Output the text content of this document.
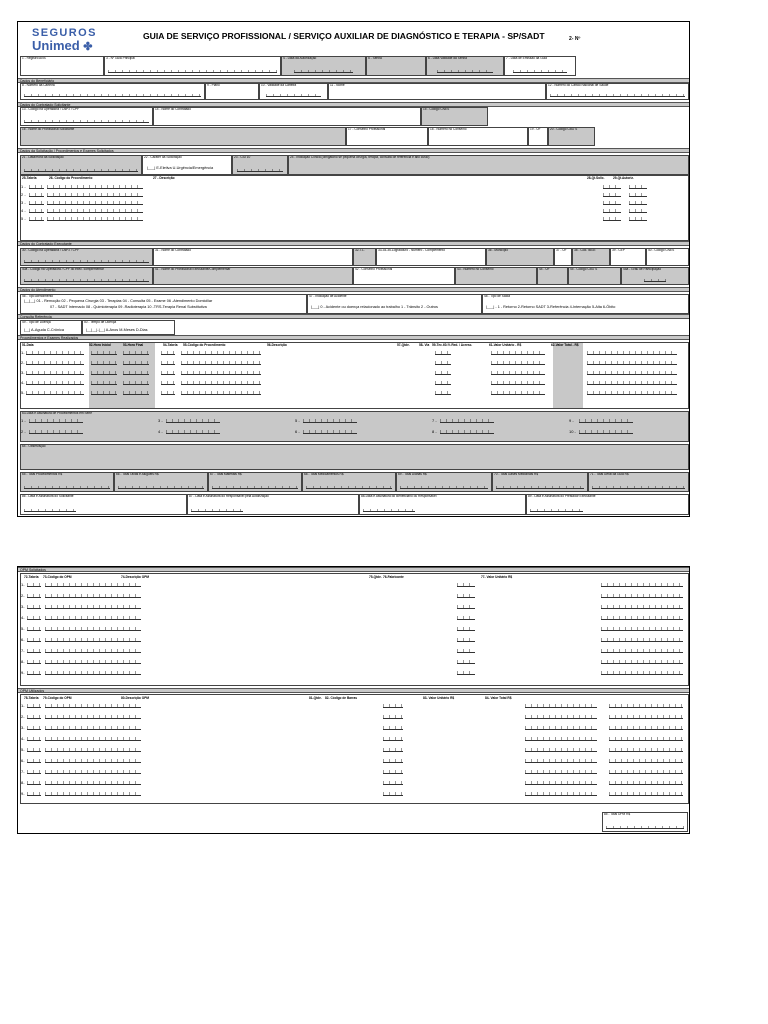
SEGUROS
Unimed ✤
GUIA DE SERVIÇO PROFISSIONAL / SERVIÇO AUXILIAR DE DIAGNÓSTICO E TERAPIA - SP/SADT	2- Nº
1 - Registro ANS	3 - Nº Guia Principal	4 - Data da Autorização	5 - Senha	6 - Data Validade da Senha	7 - Data de Emissão da Guia
Dados do Beneficiário
8 - Número da Carteira	9 - Plano	10 - Validade da Carteira	11 - Nome	12 - Número do Cartão Nacional de Saúde
Dados do Contratado Solicitante
13 - Código na Operadora / CNPJ / CPF	14 - Nome do Contratado	15 - Código CNES
16 - Nome do Profissional Solicitante	17 - Conselho Profissional	18 - Número no Conselho	19 - UF	20 - Código CBO S
Dados da Solicitação / Procedimentos e Exames Solicitados
21 - Data/Hora da Solicitação	22 - Caráter da Solicitação
|___| E-Eletiva U-Urgência/Emergência
23 - CID 10	24 - Indicação Clínica (obrigatório se pequena cirurgia, terapia, consulta de referência e alto custo)
25-Tabela	26- Código do Procedimento	27 - Descrição	28-Qt.Solic.	29-Qt.Autoriz.
1 -
2 -
3 -
4 -
5 -
Dados do Contratado Executante
30 - Código na Operadora / CNPJ / CPF	31 - Nome do Contratado	32-T.L.	33-34-35-Logradouro - Número - Complemento	36 - Município	37 - UF 38 - Cód. IBGE	39 - CEP	40 - Código CNES
40a - Código na Operadora / CPF do exec. complementar	41 - Nome do Profissional Executante/Complementar	42 - Conselho Profissional	43 - Número no Conselho	44 - UF	45 - Código CBO S	45a - Grau de Participação
Dados do Atendimento
46 - Tipo Atendimento
|__|__| 01 - Remoção 02 - Pequena Cirurgia 03 - Terapias 04 - Consulta 05 - Exame 06 -Atendimento Domiciliar
07 - SADT Internado 08 - Quimioterapia 09 -Radioterapia 10 -TRS-Terapia Renal Substitutiva
47 - Indicação de Acidente
|___| 0 - Acidente ou doença relacionado ao trabalho 1 - Trânsito 2 - Outros
48 - Tipo de Saída
|___| - 1 - Retorno 2-Retorno SADT 3-Referência 4-Internação 5-Alta 6-Óbito
Consulta Referência
49 - Tipo de Doença
|__| A-Aguda C-Crônica
50 - Tempo de Doença
|__|__|-|__| A-Anos M-Meses D-Dias
Procedimentos e Exames Realizados
51-Data	52-Hora Inicial	53-Hora Final	54-Tabela 55-Código do Procedimento	56-Descrição	57-Qtde.	58- Via 59-Tec. 60-% Red. / Acresc.	61-Valor Unitário - R$	62-Valor Total - R$
1-
2-
3-
4-
5-
63-Data e Assinatura de Procedimentos em Série
1 -	3 -	5 -	7 -	9 -
2 -	4 -	6 -	8 -	10 -
64 - Observação
65 - Total Procedimentos R$	66 - Total Taxas e Aluguéis R$	67 - Total Materiais R$	68 - Total Medicamentos R$	69 - Total Diárias R$	70 - Total Gases Medicinais R$	71 - Total Geral da Guia R$
86 - Data e Assinatura do Solicitante	87 - Data e Assinatura do Responsável pela Autorização	88-Data e Assinatura do Beneficiário ou Responsável	89 - Data e Assinatura do Prestador Executante
OPM Solicitados
72-Tabela 73-Código do OPM	74-Descrição OPM	75-Qtde. 76-Fabricante	77- Valor Unitário R$
1-
2-
3-
4-
5-
6-
7-
8-
9-
OPM Utilizados
78-Tabela 79-Código do OPM	80-Descrição OPM	81-Qtde. 82- Código de Barras	83- Valor Unitário R$	84- Valor Total R$
1-
2-
3-
4-
5-
6-
7-
8-
9-
85 - Total OPM R$
